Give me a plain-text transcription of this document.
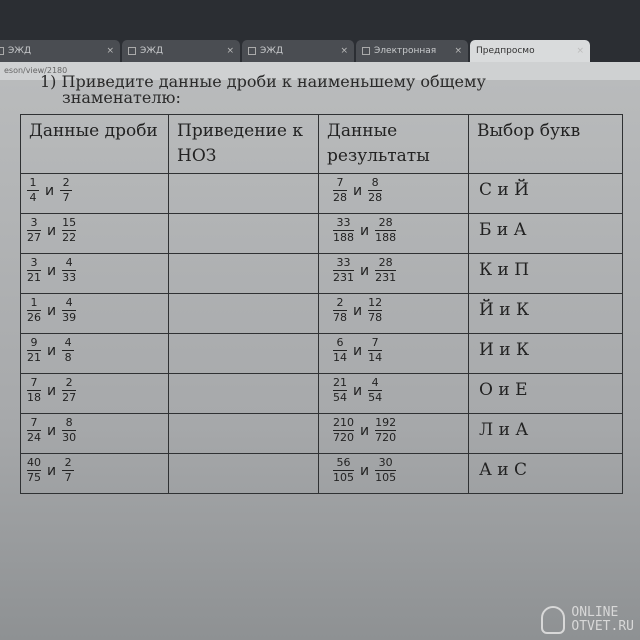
ЭЖД	×	ЭЖД	×	ЭЖД	×	Электронная × Предпросмо	×
eson/view/2180
1) Приведите данные дроби к наименьшему общему
знаменателю:
Данные дроби	Приведение к НОЗ	Данные результаты	Выбор букв

$\frac{1}{4}$ и $\frac{2}{7}$		$\frac{7}{28}$ и $\frac{8}{28}$	С и Й

$\frac{3}{27}$ и $\frac{15}{22}$		$\frac{33}{188}$ и $\frac{28}{188}$	Б и А

$\frac{3}{21}$ и $\frac{4}{33}$		$\frac{33}{231}$ и $\frac{28}{231}$	К и П

$\frac{1}{26}$ и $\frac{4}{39}$		$\frac{2}{78}$ и $\frac{12}{78}$	Й и К

$\frac{9}{21}$ и $\frac{4}{8}$		$\frac{6}{14}$ и $\frac{7}{14}$	И и К

$\frac{7}{18}$ и $\frac{2}{27}$		$\frac{21}{54}$ и $\frac{4}{54}$	О и Е

$\frac{7}{24}$ и $\frac{8}{30}$		$\frac{210}{720}$ и $\frac{192}{720}$	Л и А

$\frac{40}{75}$ и $\frac{2}{7}$		$\frac{56}{105}$ и $\frac{30}{105}$	А и С
ONLINE
OTVET.RU
